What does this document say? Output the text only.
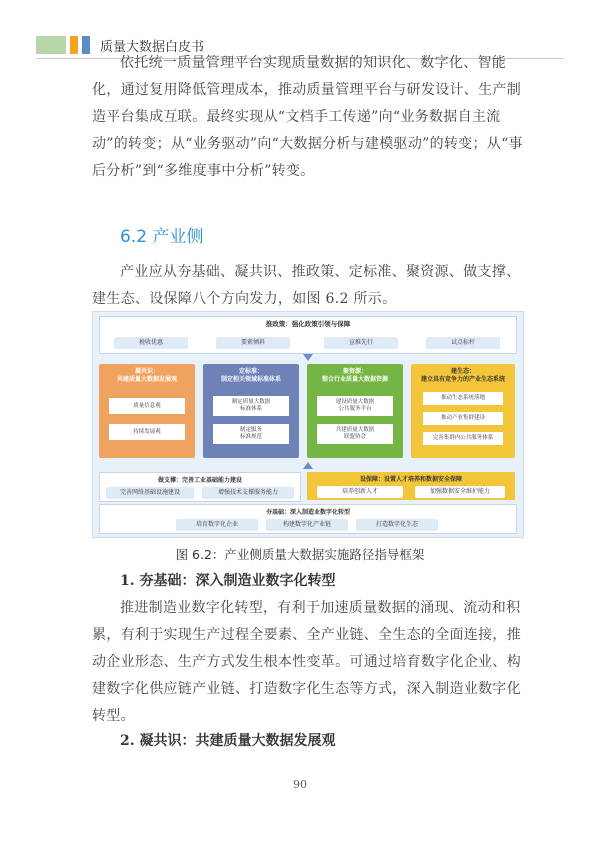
质量大数据白皮书
依托统一质量管理平台实现质量数据的知识化、数字化、智能化，通过复用降低管理成本，推动质量管理平台与研发设计、生产制造平台集成互联。最终实现从“文档手工传递”向“业务数据自主流动”的转变；从“业务驱动”向“大数据分析与建模驱动”的转变；从“事后分析”到“多维度事中分析”转变。
6.2 产业侧
产业应从夯基础、凝共识、推政策、定标准、聚资源、做支撑、建生态、设保障八个方向发力，如图 6.2 所示。
推政策：强化政策引领与保障
税收优惠	要素倾斜	宣推先行	试点标杆
凝共识：
共建质量大数据发展观
质量信息观
持续发展观
定标准：
制定相关领域标准体系
制定质量大数据
标准体系
制定服务
标准规范
聚资源：
整合行业质量大数据资源
建设质量大数据
公共服务平台
共建质量大数据
联盟协会
建生态：
建立具有竞争力的产业生态系统
推动生态系统落地
推动产业集群建设
完善集群内公共服务体系
做支撑：完善工业基础能力建设
完善网络基础设施建设	增强技术支撑服务能力
设保障：设置人才培养和数据安全保障
培养创新人才	加强数据安全维护能力
夯基础：深入制造业数字化转型
培育数字化企业	构建数字化产业链	打造数字化生态
图 6.2：产业侧质量大数据实施路径指导框架
1. 夯基础：深入制造业数字化转型
推进制造业数字化转型，有利于加速质量数据的涌现、流动和积累，有利于实现生产过程全要素、全产业链、全生态的全面连接，推动企业形态、生产方式发生根本性变革。可通过培育数字化企业、构建数字化供应链产业链、打造数字化生态等方式，深入制造业数字化转型。
2. 凝共识：共建质量大数据发展观
90
